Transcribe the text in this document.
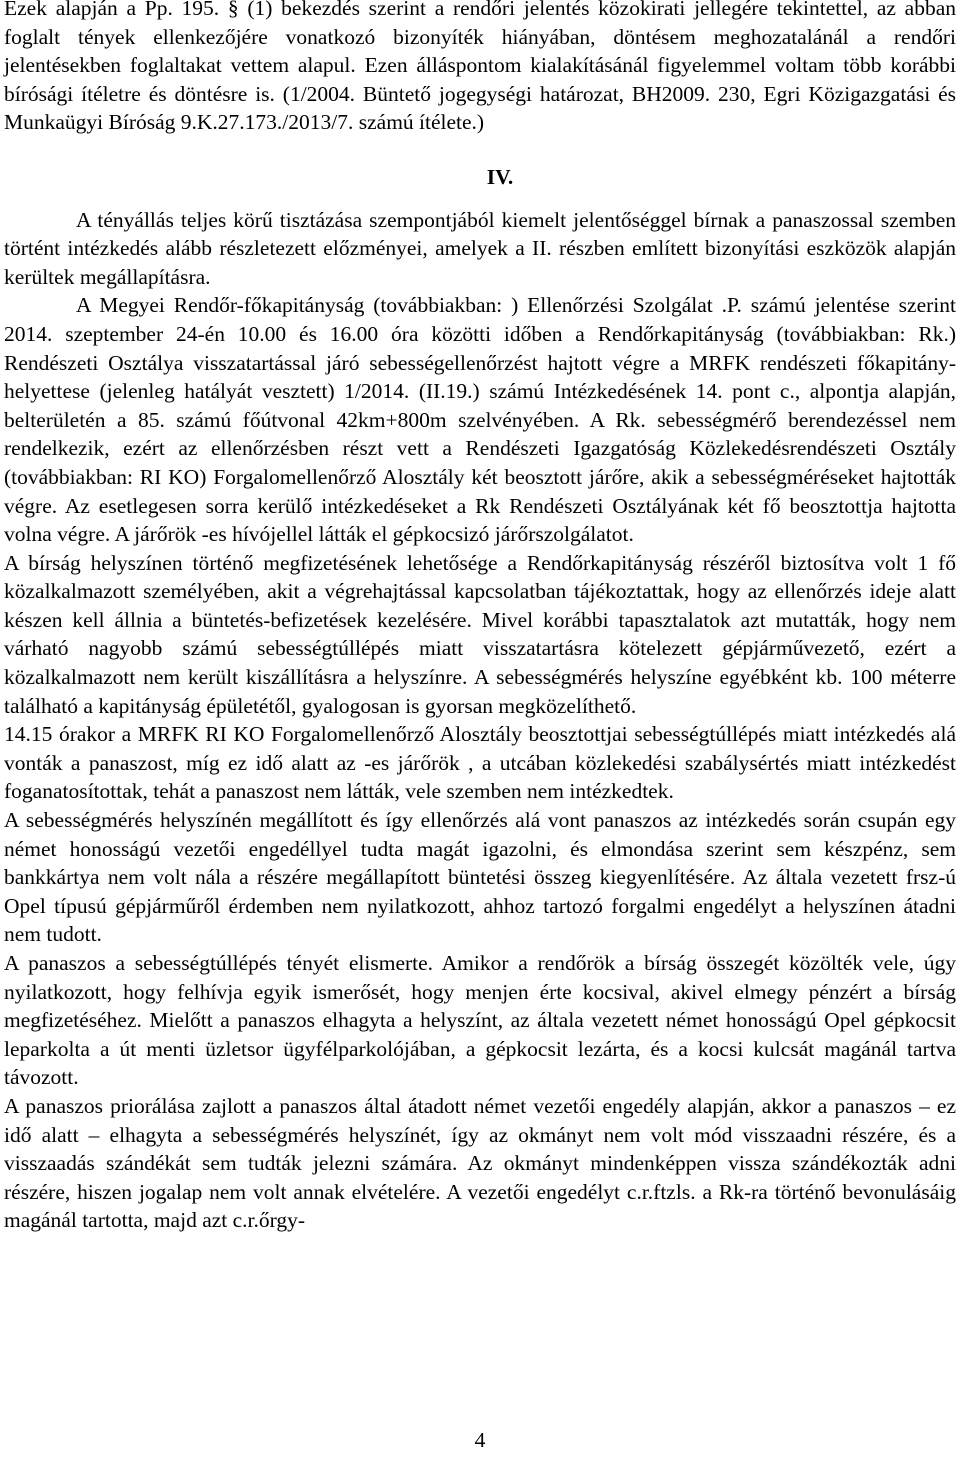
Ezek alapján a Pp. 195. § (1) bekezdés szerint a rendőri jelentés közokirati jellegére tekintettel, az abban foglalt tények ellenkezőjére vonatkozó bizonyíték hiányában, döntésem meghozatalánál a rendőri jelentésekben foglaltakat vettem alapul. Ezen álláspontom kialakításánál figyelemmel voltam több korábbi bírósági ítéletre és döntésre is. (1/2004. Büntető jogegységi határozat, BH2009. 230, Egri Közigazgatási és Munkaügyi Bíróság 9.K.27.173./2013/7. számú ítélete.)

IV.

A tényállás teljes körű tisztázása szempontjából kiemelt jelentőséggel bírnak a panaszossal szemben történt intézkedés alább részletezett előzményei, amelyek a II. részben említett bizonyítási eszközök alapján kerültek megállapításra.

A Megyei Rendőr-főkapitányság (továbbiakban: ) Ellenőrzési Szolgálat .P. számú jelentése szerint 2014. szeptember 24-én 10.00 és 16.00 óra közötti időben a Rendőrkapitányság (továbbiakban: Rk.) Rendészeti Osztálya visszatartással járó sebességellenőrzést hajtott végre a MRFK rendészeti főkapitány-helyettese (jelenleg hatályát vesztett) 1/2014. (II.19.) számú Intézkedésének 14. pont c., alpontja alapján, belterületén a 85. számú főútvonal 42km+800m szelvényében. A Rk. sebességmérő berendezéssel nem rendelkezik, ezért az ellenőrzésben részt vett a Rendészeti Igazgatóság Közlekedésrendészeti Osztály (továbbiakban: RI KO) Forgalomellenőrző Alosztály két beosztott járőre, akik a sebességméréseket hajtották végre. Az esetlegesen sorra kerülő intézkedéseket a Rk Rendészeti Osztályának két fő beosztottja hajtotta volna végre. A járőrök -es hívójellel látták el gépkocsizó járőrszolgálatot.

A bírság helyszínen történő megfizetésének lehetősége a Rendőrkapitányság részéről biztosítva volt 1 fő közalkalmazott személyében, akit a végrehajtással kapcsolatban tájékoztattak, hogy az ellenőrzés ideje alatt készen kell állnia a büntetés-befizetések kezelésére. Mivel korábbi tapasztalatok azt mutatták, hogy nem várható nagyobb számú sebességtúllépés miatt visszatartásra kötelezett gépjárművezető, ezért a közalkalmazott nem került kiszállításra a helyszínre. A sebességmérés helyszíne egyébként kb. 100 méterre található a kapitányság épületétől, gyalogosan is gyorsan megközelíthető.

14.15 órakor a MRFK RI KO Forgalomellenőrző Alosztály beosztottjai sebességtúllépés miatt intézkedés alá vonták a panaszost, míg ez idő alatt az -es járőrök , a utcában közlekedési szabálysértés miatt intézkedést foganatosítottak, tehát a panaszost nem látták, vele szemben nem intézkedtek.

A sebességmérés helyszínén megállított és így ellenőrzés alá vont panaszos az intézkedés során csupán egy német honosságú vezetői engedéllyel tudta magát igazolni, és elmondása szerint sem készpénz, sem bankkártya nem volt nála a részére megállapított büntetési összeg kiegyenlítésére. Az általa vezetett frsz-ú Opel típusú gépjárműről érdemben nem nyilatkozott, ahhoz tartozó forgalmi engedélyt a helyszínen átadni nem tudott.

A panaszos a sebességtúllépés tényét elismerte. Amikor a rendőrök a bírság összegét közölték vele, úgy nyilatkozott, hogy felhívja egyik ismerősét, hogy menjen érte kocsival, akivel elmegy pénzért a bírság megfizetéséhez. Mielőtt a panaszos elhagyta a helyszínt, az általa vezetett német honosságú Opel gépkocsit leparkolta a út menti üzletsor ügyfélparkolójában, a gépkocsit lezárta, és a kocsi kulcsát magánál tartva távozott.

A panaszos priorálása zajlott a panaszos által átadott német vezetői engedély alapján, akkor a panaszos – ez idő alatt – elhagyta a sebességmérés helyszínét, így az okmányt nem volt mód visszaadni részére, és a visszaadás szándékát sem tudták jelezni számára. Az okmányt mindenképpen vissza szándékozták adni részére, hiszen jogalap nem volt annak elvételére. A vezetői engedélyt c.r.ftzls. a Rk-ra történő bevonulásáig magánál tartotta, majd azt c.r.őrgy-

4
